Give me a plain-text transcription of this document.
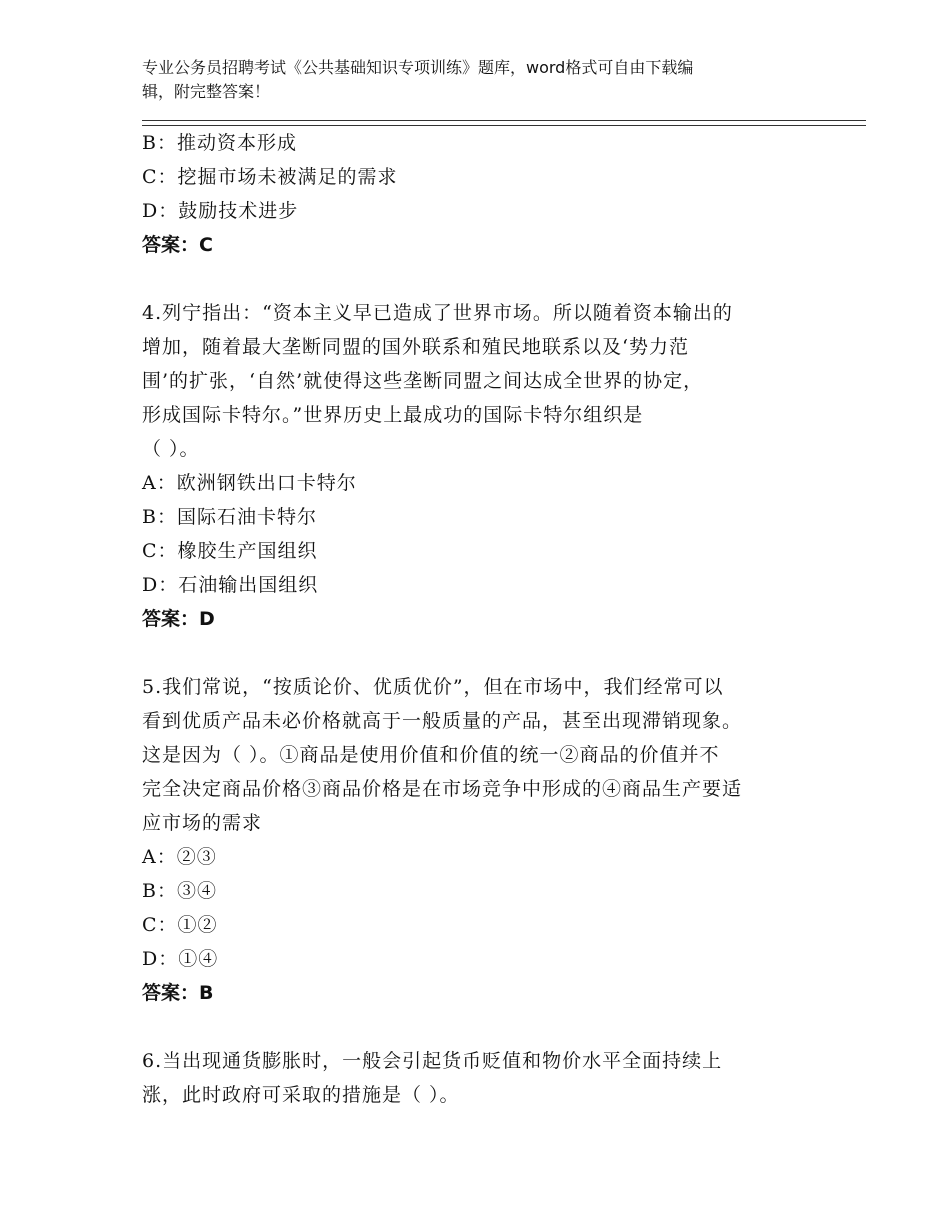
专业公务员招聘考试《公共基础知识专项训练》题库，word格式可自由下载编
辑，附完整答案！
B：推动资本形成
C：挖掘市场未被满足的需求
D：鼓励技术进步
答案：C
4.列宁指出：“资本主义早已造成了世界市场。所以随着资本输出的
增加，随着最大垄断同盟的国外联系和殖民地联系以及‘势力范
围’的扩张，‘自然’就使得这些垄断同盟之间达成全世界的协定，
形成国际卡特尔。”世界历史上最成功的国际卡特尔组织是
（ ）。
A：欧洲钢铁出口卡特尔
B：国际石油卡特尔
C：橡胶生产国组织
D：石油输出国组织
答案：D
5.我们常说，“按质论价、优质优价”，但在市场中，我们经常可以
看到优质产品未必价格就高于一般质量的产品，甚至出现滞销现象。
这是因为（ ）。①商品是使用价值和价值的统一②商品的价值并不
完全决定商品价格③商品价格是在市场竞争中形成的④商品生产要适
应市场的需求
A：②③
B：③④
C：①②
D：①④
答案：B
6.当出现通货膨胀时，一般会引起货币贬值和物价水平全面持续上
涨，此时政府可采取的措施是（ ）。
